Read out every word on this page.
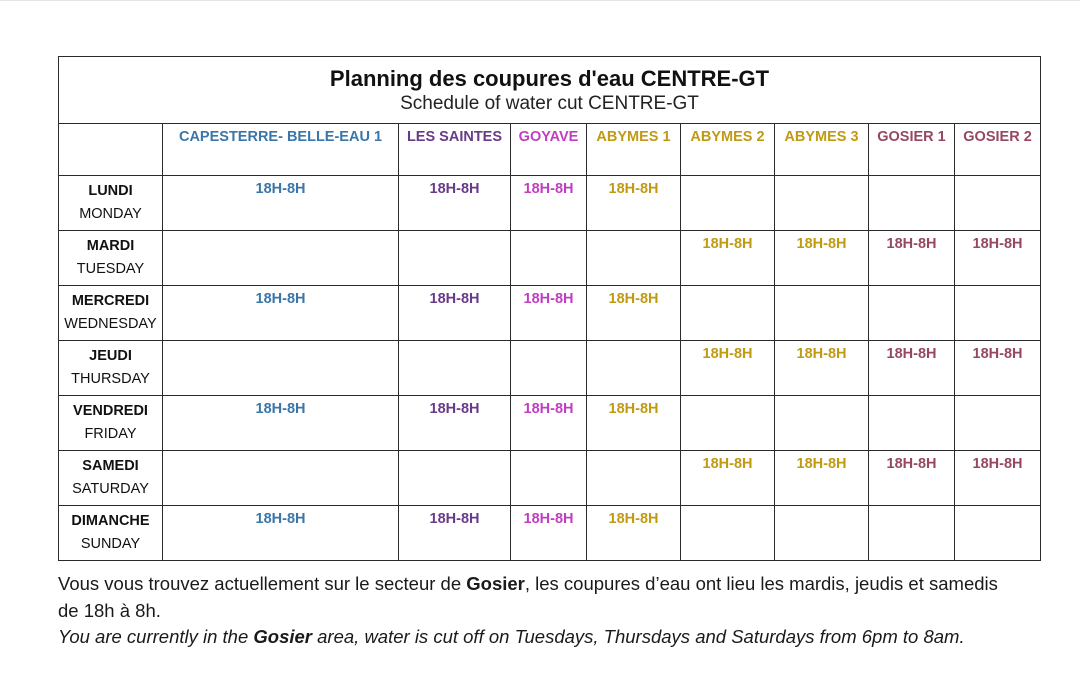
Planning des coupures d'eau CENTRE-GT
Schedule of water cut CENTRE-GT								

	CAPESTERRE- BELLE-EAU 1	LES SAINTES	GOYAVE	ABYMES 1	ABYMES 2	ABYMES 3	GOSIER 1	GOSIER 2

LUNDI
MONDAY	18H-8H	18H-8H	18H-8H	18H-8H				

MARDI
TUESDAY					18H-8H	18H-8H	18H-8H	18H-8H

MERCREDI
WEDNESDAY	18H-8H	18H-8H	18H-8H	18H-8H				

JEUDI
THURSDAY					18H-8H	18H-8H	18H-8H	18H-8H

VENDREDI
FRIDAY	18H-8H	18H-8H	18H-8H	18H-8H				

SAMEDI
SATURDAY					18H-8H	18H-8H	18H-8H	18H-8H

DIMANCHE
SUNDAY	18H-8H	18H-8H	18H-8H	18H-8H				

Vous vous trouvez actuellement sur le secteur de Gosier, les coupures d’eau ont lieu les mardis, jeudis et samedis de 18h à 8h.

You are currently in the Gosier area, water is cut off on Tuesdays, Thursdays and Saturdays from 6pm to 8am.
